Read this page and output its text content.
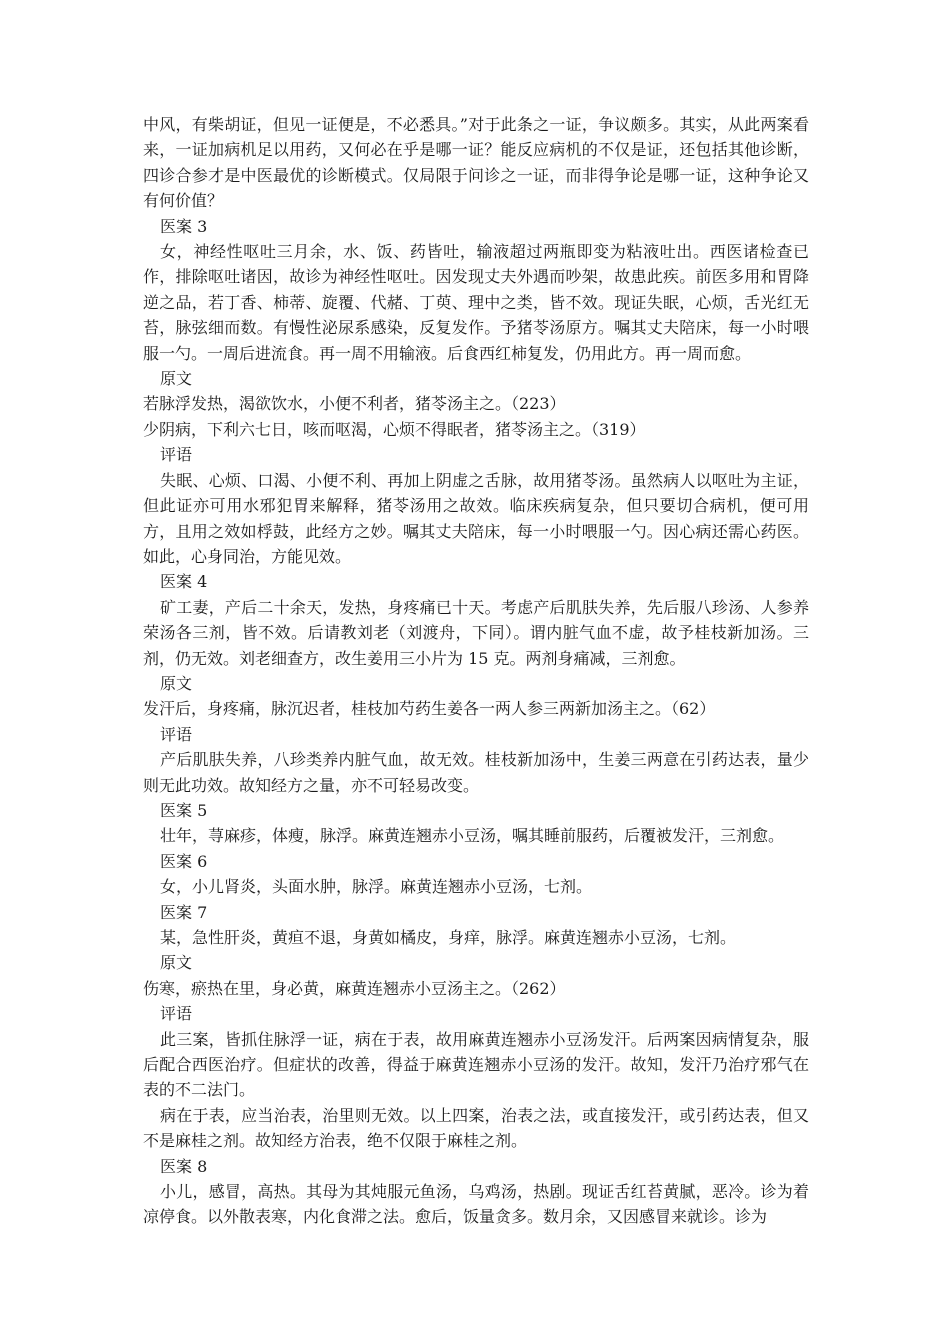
中风，有柴胡证，但见一证便是，不必悉具。”对于此条之一证，争议颇多。其实，从此两案看来，一证加病机足以用药，又何必在乎是哪一证？能反应病机的不仅是证，还包括其他诊断，四诊合参才是中医最优的诊断模式。仅局限于问诊之一证，而非得争论是哪一证，这种争论又有何价值？

医案 3

女，神经性呕吐三月余，水、饭、药皆吐，输液超过两瓶即变为粘液吐出。西医诸检查已作，排除呕吐诸因，故诊为神经性呕吐。因发现丈夫外遇而吵架，故患此疾。前医多用和胃降逆之品，若丁香、柿蒂、旋覆、代赭、丁萸、理中之类，皆不效。现证失眠，心烦，舌光红无苔，脉弦细而数。有慢性泌尿系感染，反复发作。予猪苓汤原方。嘱其丈夫陪床，每一小时喂服一勺。一周后进流食。再一周不用输液。后食西红柿复发，仍用此方。再一周而愈。

原文

若脉浮发热，渴欲饮水，小便不利者，猪苓汤主之。（223）

少阴病，下利六七日，咳而呕渴，心烦不得眠者，猪苓汤主之。（319）

评语

失眠、心烦、口渴、小便不利、再加上阴虚之舌脉，故用猪苓汤。虽然病人以呕吐为主证，但此证亦可用水邪犯胃来解释，猪苓汤用之故效。临床疾病复杂，但只要切合病机，便可用方，且用之效如桴鼓，此经方之妙。嘱其丈夫陪床，每一小时喂服一勺。因心病还需心药医。如此，心身同治，方能见效。

医案 4

矿工妻，产后二十余天，发热，身疼痛已十天。考虑产后肌肤失养，先后服八珍汤、人参养荣汤各三剂，皆不效。后请教刘老（刘渡舟，下同）。谓内脏气血不虚，故予桂枝新加汤。三剂，仍无效。刘老细查方，改生姜用三小片为 15 克。两剂身痛减，三剂愈。

原文

发汗后，身疼痛，脉沉迟者，桂枝加芍药生姜各一两人参三两新加汤主之。（62）

评语

产后肌肤失养，八珍类养内脏气血，故无效。桂枝新加汤中，生姜三两意在引药达表，量少则无此功效。故知经方之量，亦不可轻易改变。

医案 5

壮年，荨麻疹，体瘦，脉浮。麻黄连翘赤小豆汤，嘱其睡前服药，后覆被发汗，三剂愈。

医案 6

女，小儿肾炎，头面水肿，脉浮。麻黄连翘赤小豆汤，七剂。

医案 7

某，急性肝炎，黄疸不退，身黄如橘皮，身痒，脉浮。麻黄连翘赤小豆汤，七剂。

原文

伤寒，瘀热在里，身必黄，麻黄连翘赤小豆汤主之。（262）

评语

此三案，皆抓住脉浮一证，病在于表，故用麻黄连翘赤小豆汤发汗。后两案因病情复杂，服后配合西医治疗。但症状的改善，得益于麻黄连翘赤小豆汤的发汗。故知，发汗乃治疗邪气在表的不二法门。

病在于表，应当治表，治里则无效。以上四案，治表之法，或直接发汗，或引药达表，但又不是麻桂之剂。故知经方治表，绝不仅限于麻桂之剂。

医案 8

小儿，感冒，高热。其母为其炖服元鱼汤，乌鸡汤，热剧。现证舌红苔黄腻，恶冷。诊为着凉停食。以外散表寒，内化食滞之法。愈后，饭量贪多。数月余，又因感冒来就诊。诊为
